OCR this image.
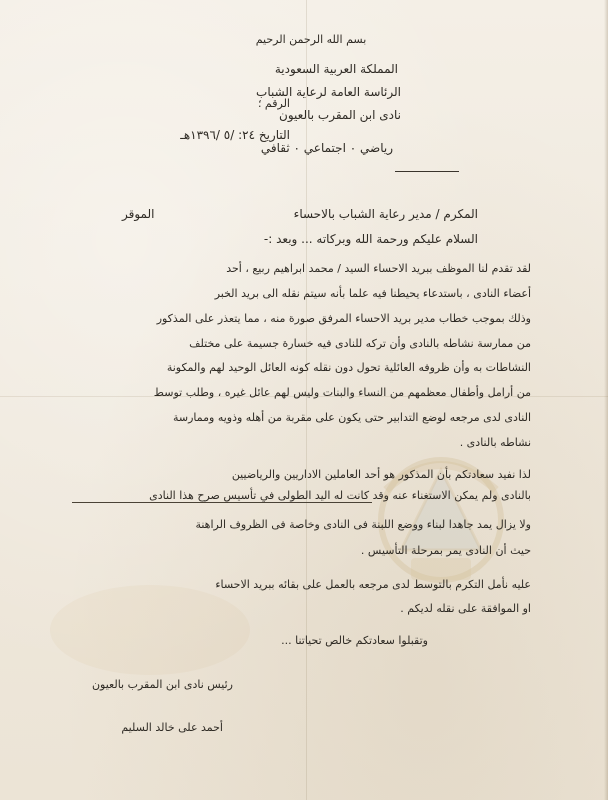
بسم الله الرحمن الرحيم
المملكة العربية السعودية
الرئاسة العامة لرعاية الشباب
نادى ابن المقرب بالعيون
الرقم ؛
التاريخ ٢٤: /٥ /١٣٩٦هـ
رياضي ٠ اجتماعي ٠ ثقافي
المكرم / مدير رعاية الشباب بالاحساء
الموقر
السلام عليكم ورحمة الله وبركاته ... وبعد :-
لقد تقدم لنا الموظف ببريد الاحساء السيد / محمد ابراهيم ربيع ، أحد
أعضاء النادى ، باستدعاء يحيطنا فيه علما بأنه سيتم نقله الى بريد الخبر
وذلك بموجب خطاب مدير بريد الاحساء المرفق صورة منه ، مما يتعذر على المذكور
من ممارسة نشاطه بالنادى وأن تركه للنادى فيه خسارة جسيمة على مختلف
النشاطات به وأن ظروفه العائلية تحول دون نقله كونه العائل الوحيد لهم والمكونة
من أرامل وأطفال معظمهم من النساء والبنات وليس لهم عائل غيره ، وطلب توسط
النادى لدى مرجعه لوضع التدابير حتى يكون على مقربة من أهله وذويه وممارسة
نشاطه بالنادى .
لذا نفيد سعادتكم بأن المذكور هو أحد العاملين الاداريين والرياضيين
بالنادى ولم يمكن الاستغناء عنه وقد كانت له اليد الطولى في تأسيس صرح هذا النادى
ولا يزال يمد جاهدا لبناء ووضع اللبنة فى النادى وخاصة فى الظروف الراهنة
حيث أن النادى يمر بمرحلة التأسيس .
عليه نأمل التكرم بالتوسط لدى مرجعه بالعمل على بقائه ببريد الاحساء
او الموافقة على نقله لديكم .
وتقبلوا سعادتكم خالص تحياتنا ...
رئيس نادى ابن المقرب بالعيون
أحمد على خالد السليم
